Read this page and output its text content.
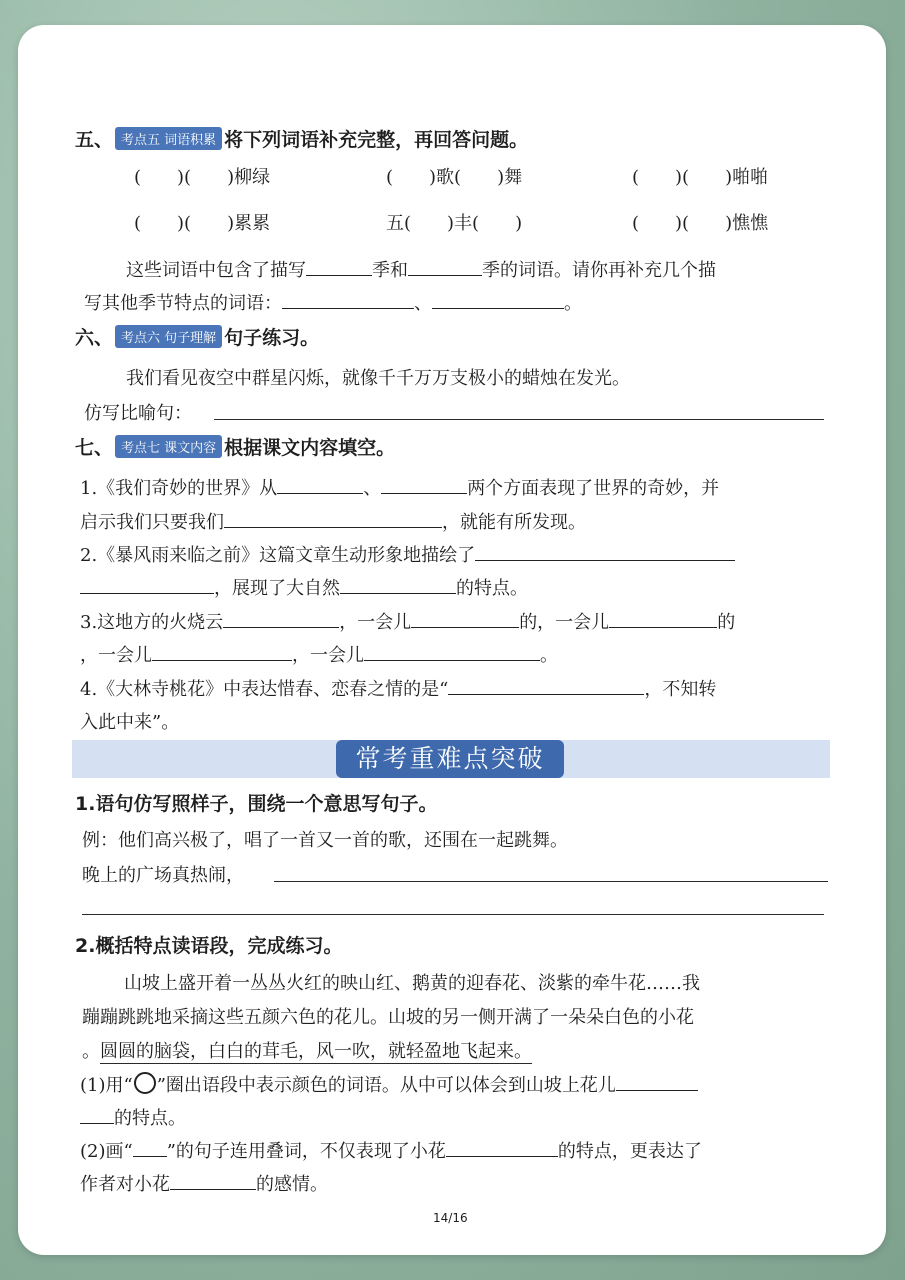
五、 考点五 词语积累 将下列词语补充完整，再回答问题。
(　　)(　　)柳绿	(　　)歌(　　)舞	(　　)(　　)啪啪
(　　)(　　)累累	五(　　)丰(　　)	(　　)(　　)憔憔
这些词语中包含了描写	季和	季的词语。请你再补充几个描
写其他季节特点的词语：	、	。
六、 考点六 句子理解 句子练习。
我们看见夜空中群星闪烁，就像千千万万支极小的蜡烛在发光。
仿写比喻句：
七、 考点七 课文内容 根据课文内容填空。
1.《我们奇妙的世界》从	、	两个方面表现了世界的奇妙，并
启示我们只要我们	，就能有所发现。
2.《暴风雨来临之前》这篇文章生动形象地描绘了
，展现了大自然	的特点。
3.这地方的火烧云	，一会儿	的，一会儿	的
，一会儿	，一会儿	。
4.《大林寺桃花》中表达惜春、恋春之情的是“	，不知转
入此中来”。
常考重难点突破
1.语句仿写照样子，围绕一个意思写句子。
例：他们高兴极了，唱了一首又一首的歌，还围在一起跳舞。
晚上的广场真热闹，
2.概括特点读语段，完成练习。
山坡上盛开着一丛丛火红的映山红、鹅黄的迎春花、淡紫的牵牛花……我
蹦蹦跳跳地采摘这些五颜六色的花儿。山坡的另一侧开满了一朵朵白色的小花
。圆圆的脑袋，白白的茸毛，风一吹，就轻盈地飞起来。
(1)用“ ”圈出语段中表示颜色的词语。从中可以体会到山坡上花儿
的特点。
(2)画“ ”的句子连用叠词，不仅表现了小花	的特点，更表达了
作者对小花	的感情。
14/16
